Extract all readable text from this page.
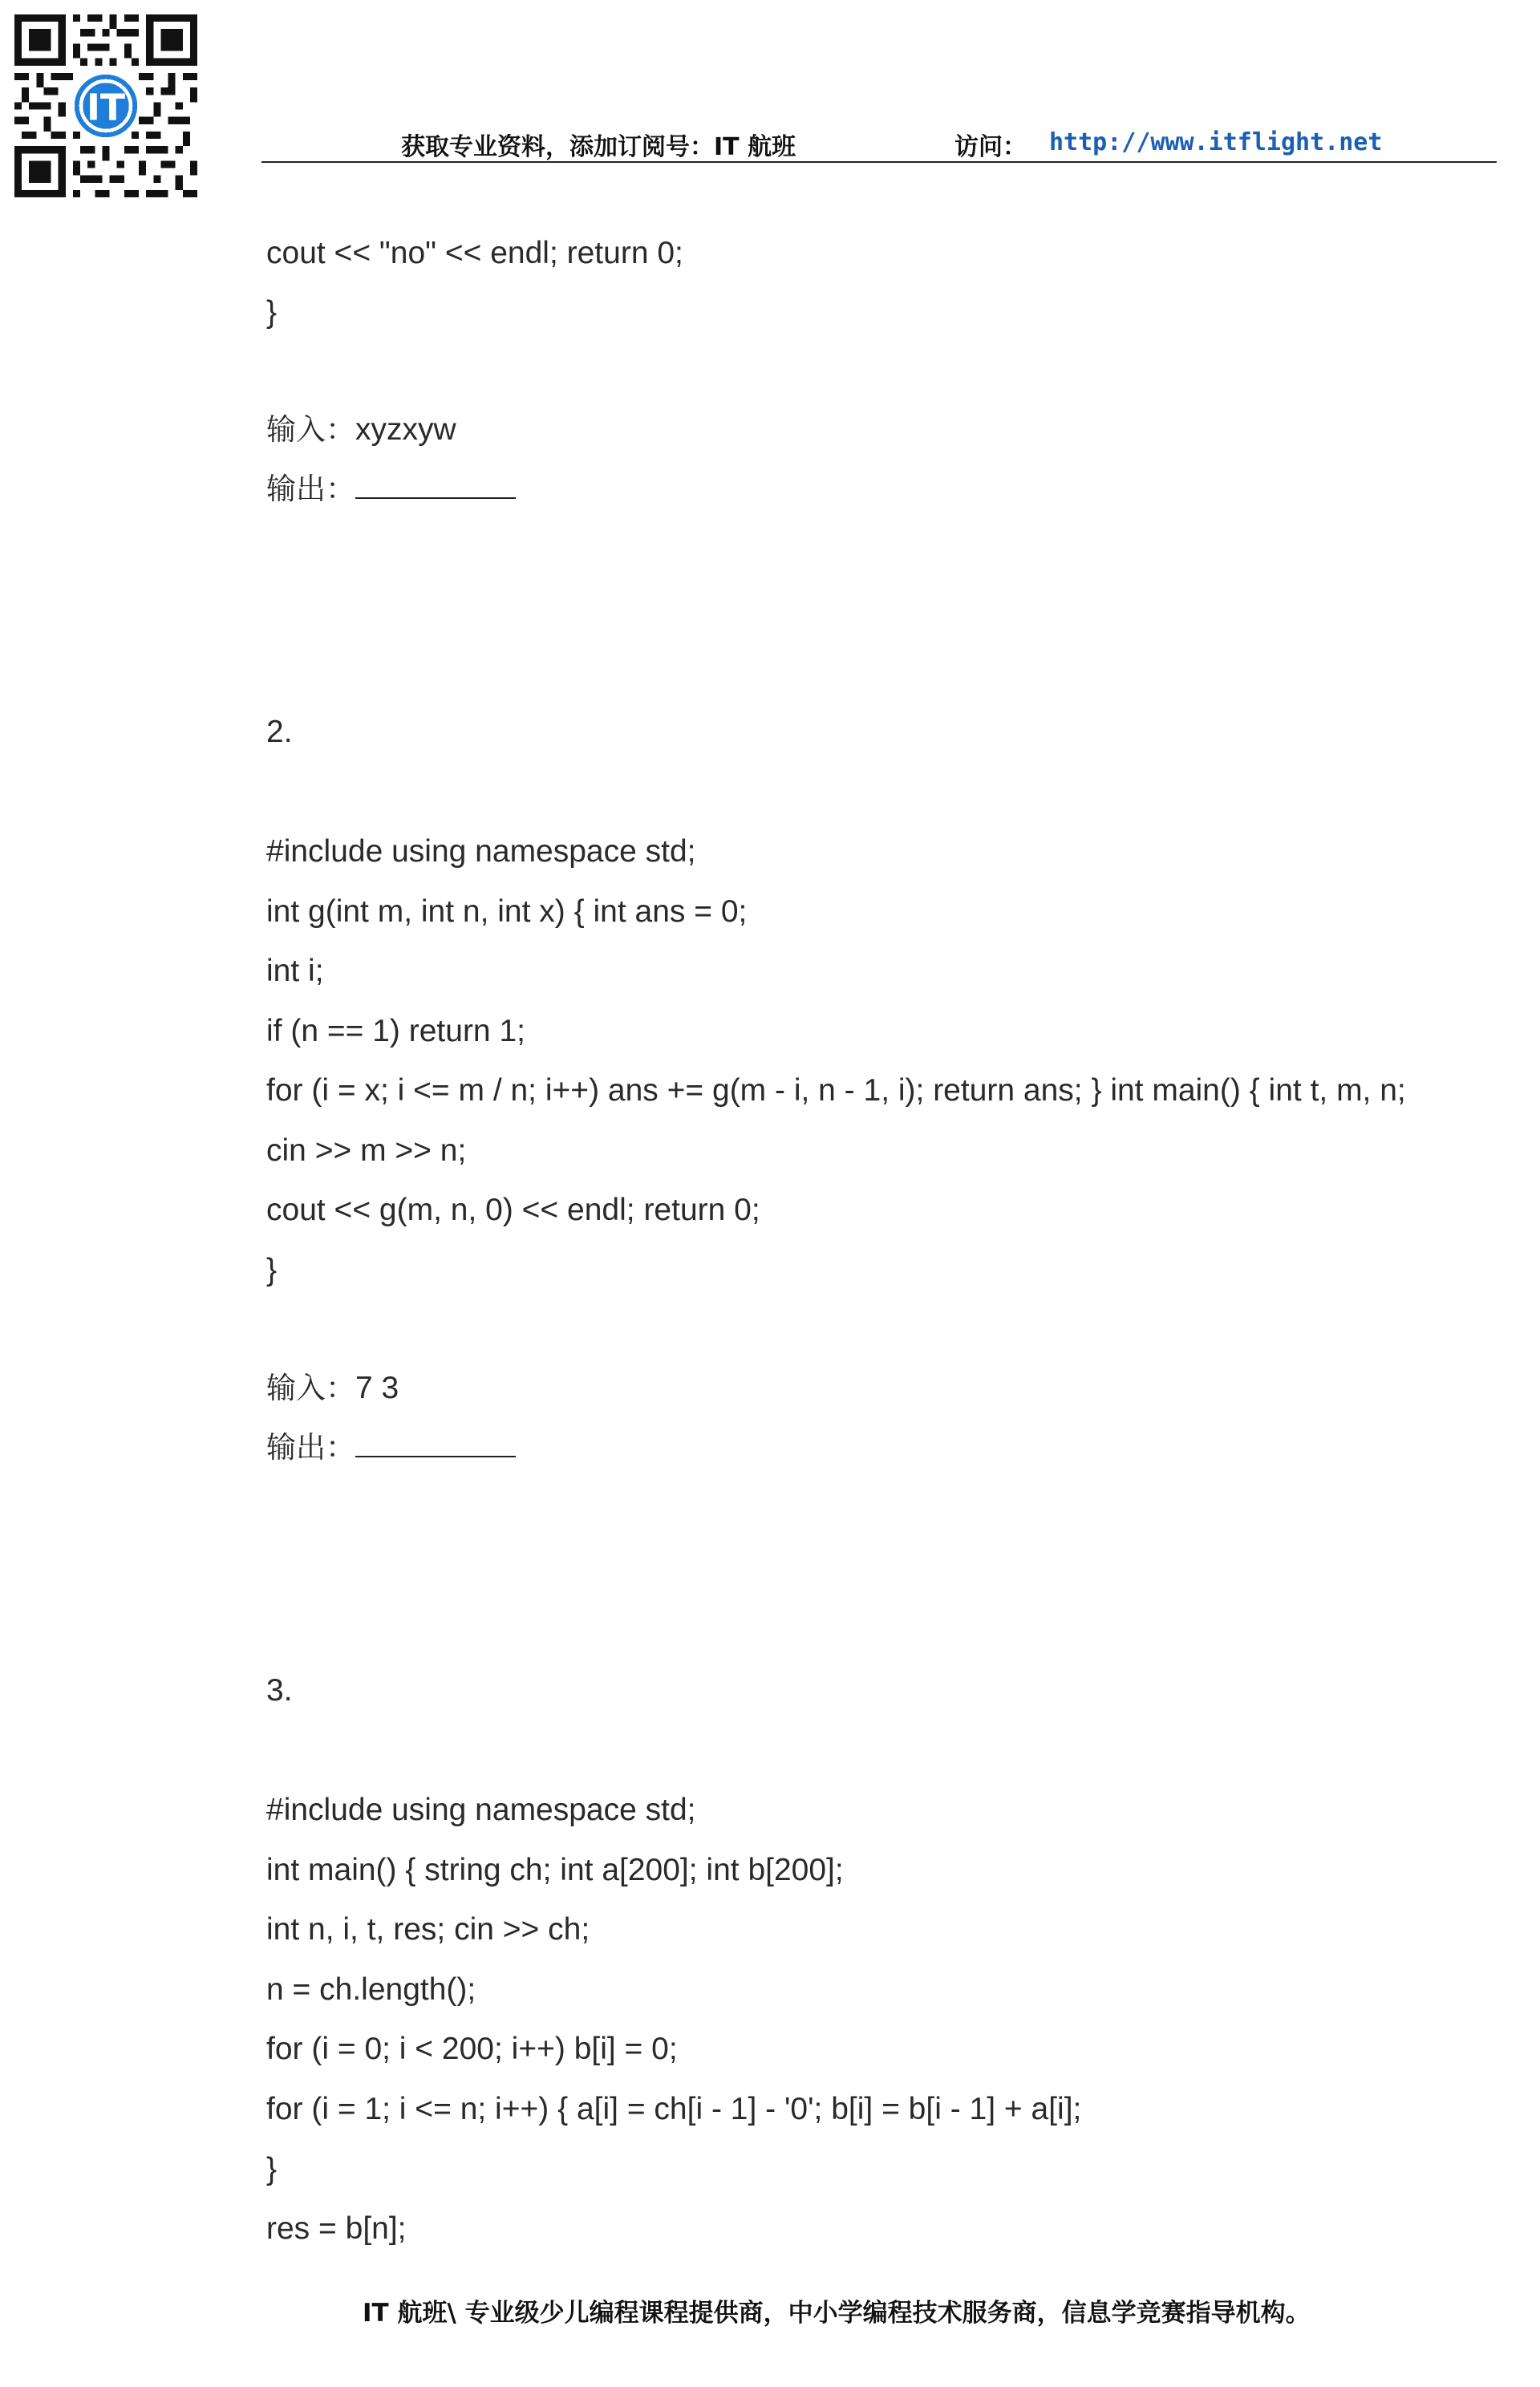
IT
获取专业资料，添加订阅号：IT 航班	访问： http://www.itflight.net
cout << "no" << endl; return 0;
}
输入：xyzxyw
输出：
2.
#include using namespace std;
int g(int m, int n, int x) { int ans = 0;
int i;
if (n == 1) return 1;
for (i = x; i <= m / n; i++) ans += g(m - i, n - 1, i); return ans; } int main() { int t, m, n;
cin >> m >> n;
cout << g(m, n, 0) << endl; return 0;
}
输入：7 3
输出：
3.
#include using namespace std;
int main() { string ch; int a[200]; int b[200];
int n, i, t, res; cin >> ch;
n = ch.length();
for (i = 0; i < 200; i++) b[i] = 0;
for (i = 1; i <= n; i++) { a[i] = ch[i - 1] - '0'; b[i] = b[i - 1] + a[i];
}
res = b[n];
IT 航班\ 专业级少儿编程课程提供商，中小学编程技术服务商，信息学竞赛指导机构。
